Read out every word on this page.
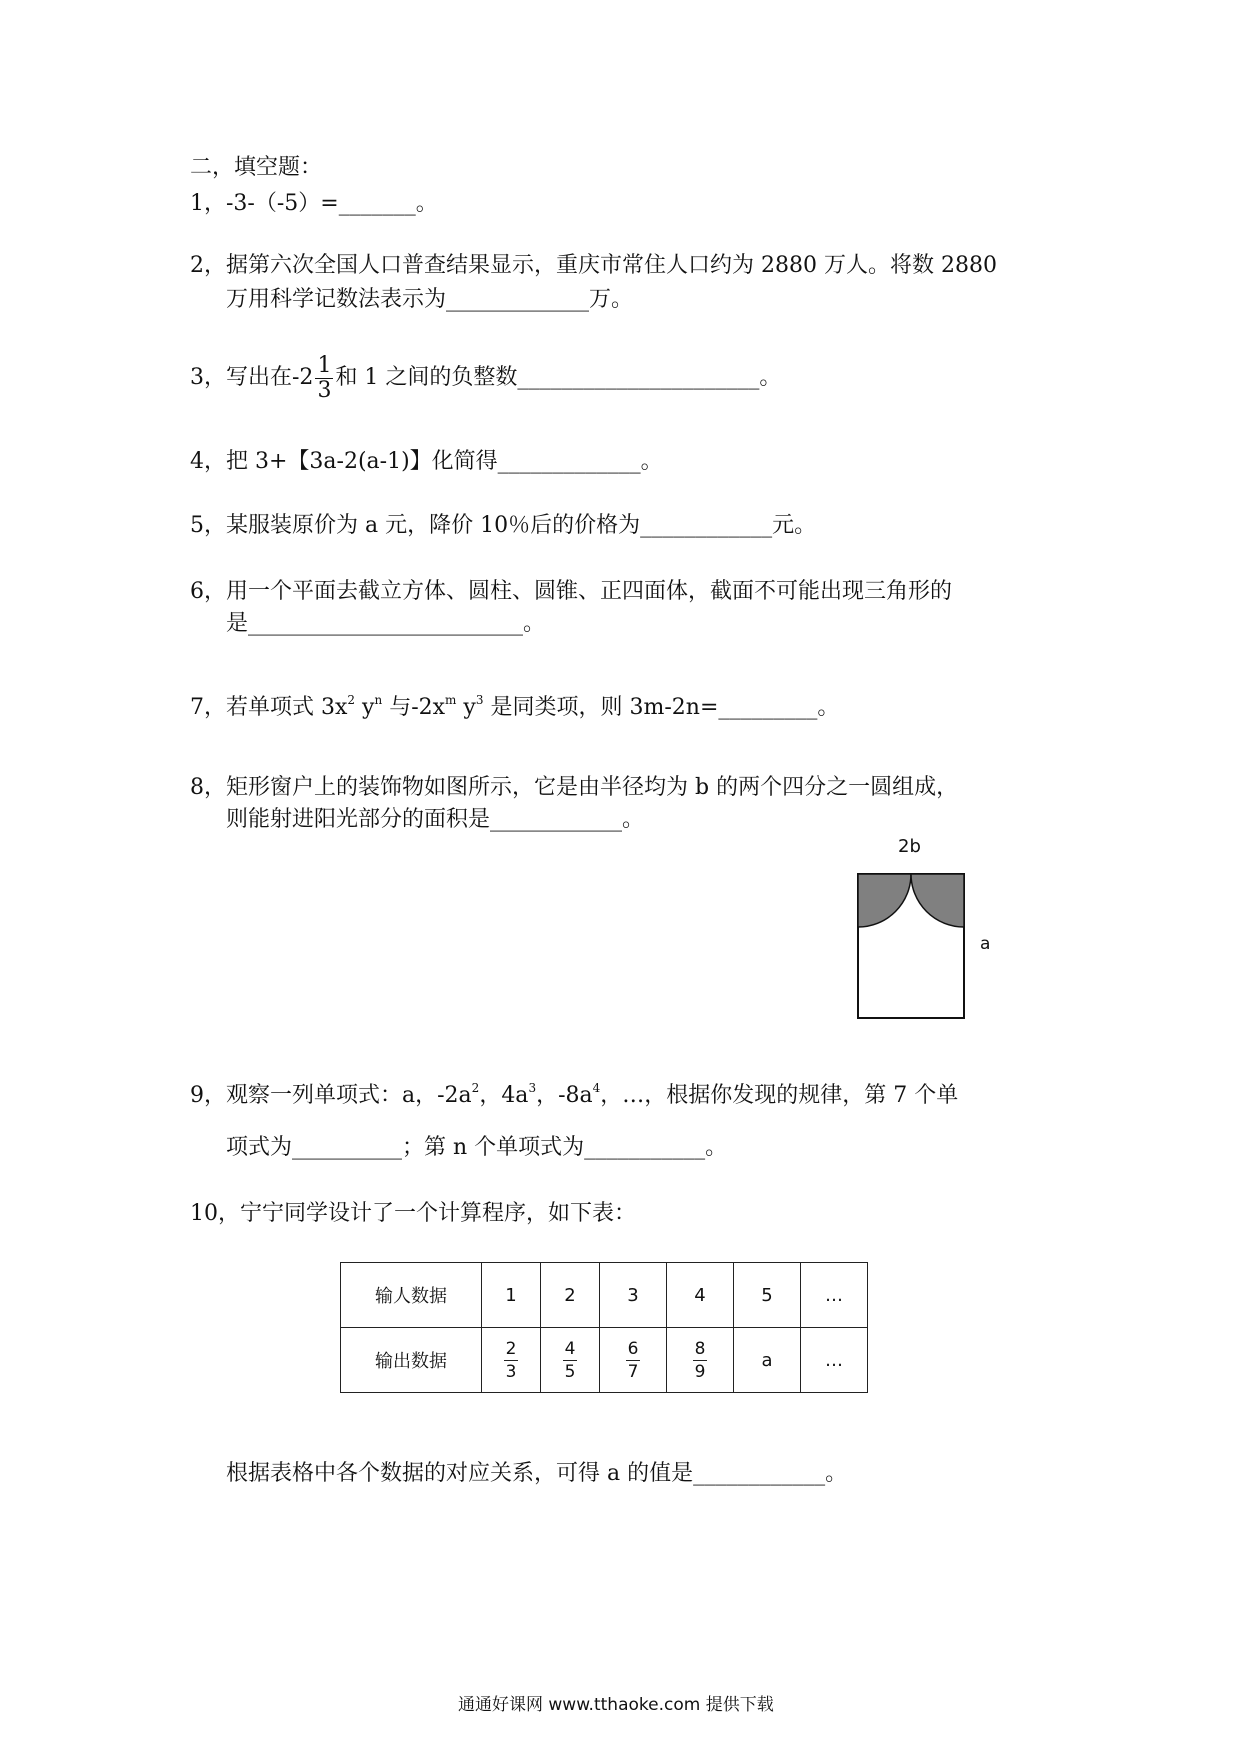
二，填空题：
1，-3-（-5）=_______。
2，据第六次全国人口普查结果显示，重庆市常住人口约为 2880 万人。将数 2880
万用科学记数法表示为_____________万。
3，写出在$-2 \frac{1}{3}$ 和 1 之间的负整数______________________。
4，把 3+【3a-2(a-1)】化简得_____________。
5，某服装原价为 a 元，降价 10％后的价格为____________元。
6，用一个平面去截立方体、圆柱、圆锥、正四面体，截面不可能出现三角形的
是_________________________。
7，若单项式 $3x^2$ $y^n$ 与$-2x^m$ $y^3$ 是同类项，则 3m-2n=_________。
8，矩形窗户上的装饰物如图所示，它是由半径均为 b 的两个四分之一圆组成，
则能射进阳光部分的面积是____________。
2b
a
9，观察一列单项式：a，$-2a^2$，$4a^3$，$-8a^4$，…，根据你发现的规律，第 7 个单
项式为__________；第 n 个单项式为___________。
10，宁宁同学设计了一个计算程序，如下表：
输人数据	1	2	3	4	5	…
输出数据	$\frac{2}{3}$	$\frac{4}{5}$	$\frac{6}{7}$	$\frac{8}{9}$	a	…
根据表格中各个数据的对应关系，可得 a 的值是____________。
通通好课网 www.tthaoke.com 提供下载
